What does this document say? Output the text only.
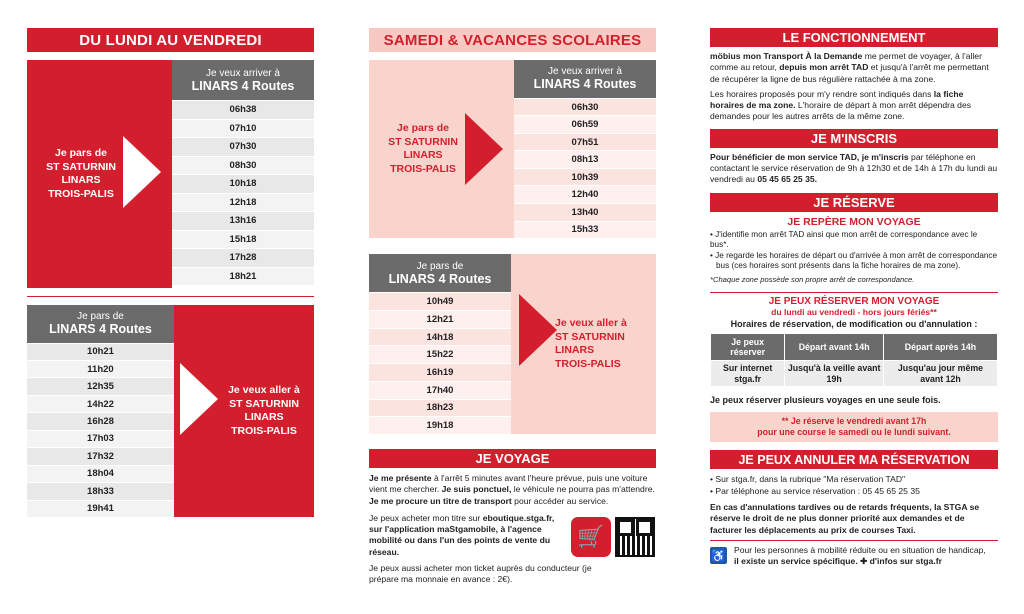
DU LUNDI AU VENDREDI
Je pars de
ST SATURNIN
LINARS
TROIS-PALIS
Je veux arriver à
LINARS 4 Routes
06h38
07h10
07h30
08h30
10h18
12h18
13h16
15h18
17h28
18h21
Je pars de
LINARS 4 Routes
10h21
11h20
12h35
14h22
16h28
17h03
17h32
18h04
18h33
19h41
Je veux aller à
ST SATURNIN
LINARS
TROIS-PALIS
SAMEDI & VACANCES SCOLAIRES
Je pars de
ST SATURNIN
LINARS
TROIS-PALIS
Je veux arriver à
LINARS 4 Routes
06h30
06h59
07h51
08h13
10h39
12h40
13h40
15h33
Je pars de
LINARS 4 Routes
10h49
12h21
14h18
15h22
16h19
17h40
18h23
19h18
Je veux aller à
ST SATURNIN
LINARS
TROIS-PALIS
JE VOYAGE

Je me présente à l'arrêt 5 minutes avant l'heure prévue, puis une voiture vient me chercher. Je suis ponctuel, le véhicule ne pourra pas m'attendre. Je me procure un titre de transport pour accéder au service.

Je peux acheter mon titre sur eboutique.stga.fr, sur l'application maStgamobile, à l'agence mobilité ou dans l'un des points de vente du réseau.

Je peux aussi acheter mon ticket auprès du conducteur (je prépare ma monnaie en avance : 2€).

🛒
LE FONCTIONNEMENT

möbius mon Transport À la Demande me permet de voyager, à l'aller comme au retour, depuis mon arrêt TAD et jusqu'à l'arrêt me permettant de récupérer la ligne de bus régulière rattachée à ma zone.

Les horaires proposés pour m'y rendre sont indiqués dans la fiche horaires de ma zone. L'horaire de départ à mon arrêt dépendra des demandes pour les autres arrêts de la même zone.

JE M'INSCRIS

Pour bénéficier de mon service TAD, je m'inscris par téléphone en contactant le service réservation de 9h à 12h30 et de 14h à 17h du lundi au vendredi au 05 45 65 25 35.

JE RÉSERVE
JE REPÈRE MON VOYAGE

• J'identifie mon arrêt TAD ainsi que mon arrêt de correspondance avec le bus*.

• Je regarde les horaires de départ ou d'arrivée à mon arrêt de correspondance bus (ces horaires sont présents dans la fiche horaires de ma zone).

*Chaque zone possède son propre arrêt de correspondance.

JE PEUX RÉSERVER MON VOYAGE
du lundi au vendredi - hors jours fériés**
Horaires de réservation, de modification ou d'annulation :
Je peux réserver	Départ avant 14h	Départ après 14h
Sur internet stga.fr	Jusqu'à la veille avant 19h	Jusqu'au jour même avant 12h
Je peux réserver plusieurs voyages en une seule fois.
** Je réserve le vendredi avant 17h
pour une course le samedi ou le lundi suivant.
JE PEUX ANNULER MA RÉSERVATION

• Sur stga.fr, dans la rubrique "Ma réservation TAD"

• Par téléphone au service réservation : 05 45 65 25 35

En cas d'annulations tardives ou de retards fréquents, la STGA se réserve le droit de ne plus donner priorité aux demandes et de facturer les déplacements au prix de courses Taxi.

♿ Pour les personnes à mobilité réduite ou en situation de handicap,
il existe un service spécifique. ✚ d'infos sur stga.fr
